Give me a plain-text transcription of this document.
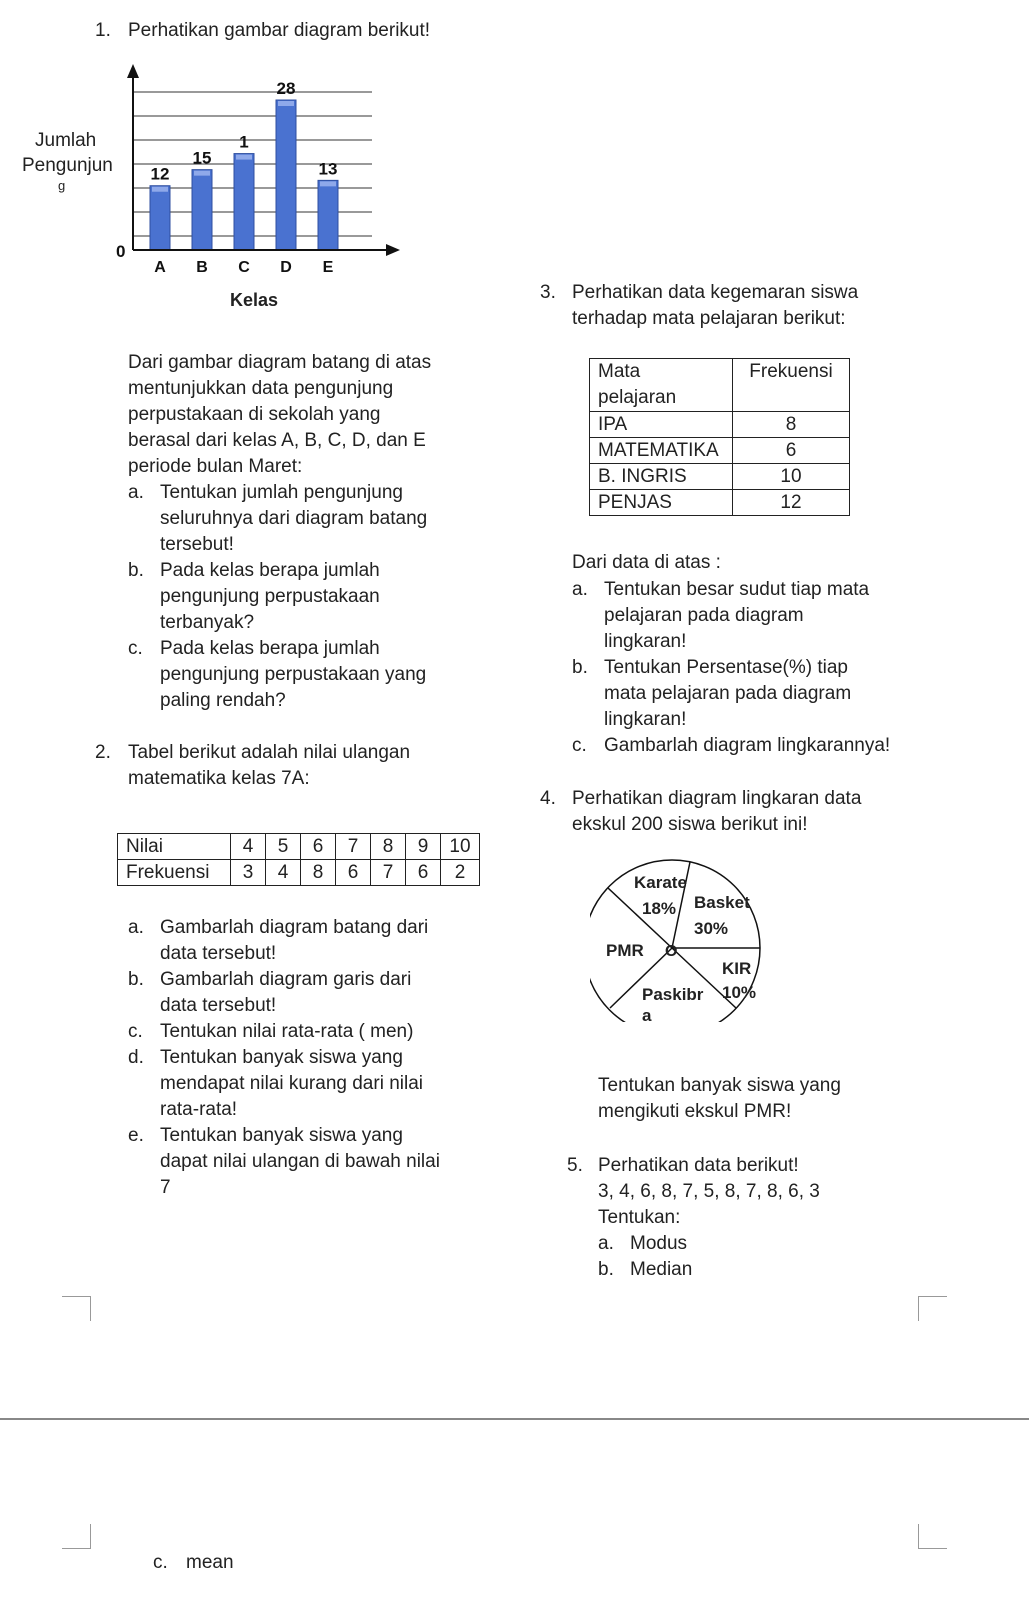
1. Perhatikan gambar diagram berikut!
12
15
1
28
13
A B C D E
0
Jumlah
Pengunjun
g
Kelas
Dari gambar diagram batang di atas
mentunjukkan data pengunjung
perpustakaan di sekolah yang
berasal dari kelas A, B, C, D, dan E
periode bulan Maret:
a. Tentukan jumlah pengunjung
seluruhnya dari diagram batang
tersebut!
b. Pada kelas berapa jumlah
pengunjung perpustakaan
terbanyak?
c. Pada kelas berapa jumlah
pengunjung perpustakaan yang
paling rendah?
2. Tabel berikut adalah nilai ulangan
matematika kelas 7A:
Nilai	4	5	6	7	8	9	10
Frekuensi	3	4	8	6	7	6	2
a. Gambarlah diagram batang dari
data tersebut!
b. Gambarlah diagram garis dari
data tersebut!
c. Tentukan nilai rata-rata ( men)
d. Tentukan banyak siswa yang
mendapat nilai kurang dari nilai
rata-rata!
e. Tentukan banyak siswa yang
dapat nilai ulangan di bawah nilai
7
3. Perhatikan data kegemaran siswa
terhadap mata pelajaran berikut:
Mata
pelajaran	Frekuensi
IPA	8
MATEMATIKA	6
B. INGRIS	10
PENJAS	12
Dari data di atas :
a. Tentukan besar sudut tiap mata
pelajaran pada diagram
lingkaran!
b. Tentukan Persentase(%) tiap
mata pelajaran pada diagram
lingkaran!
c. Gambarlah diagram lingkarannya!
4. Perhatikan diagram lingkaran data
ekskul 200 siswa berikut ini!
Karate
18% Basket
30%
PMR O
KIR
10%
Paskibr
a
Tentukan banyak siswa yang
mengikuti ekskul PMR!
5. Perhatikan data berikut!
3, 4, 6, 8, 7, 5, 8, 7, 8, 6, 3
Tentukan:
a. Modus
b. Median
c. mean
